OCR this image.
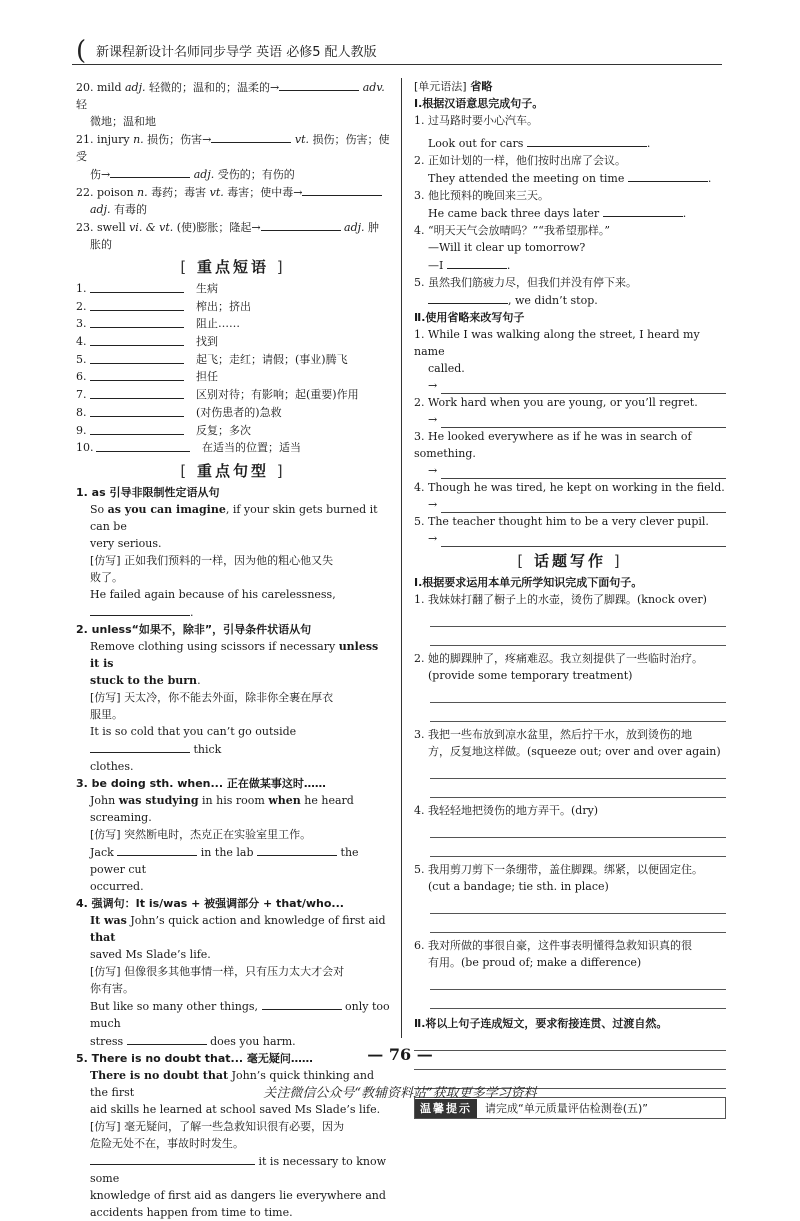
( 新课程新设计名师同步导学 英语 必修5 配人教版
20. mild adj. 轻微的；温和的；温柔的→	adv. 轻
微地；温和地
21. injury n. 损伤；伤害→	vt. 损伤；伤害；使受
伤→	adj. 受伤的；有伤的
22. poison n. 毒药；毒害 vt. 毒害；使中毒→
adj. 有毒的
23. swell vi. & vt. (使)膨胀；隆起→	adj. 肿
胀的
[ 重点短语 ]
1.	生病
2.	榨出；挤出
3.	阻止……
4.	找到
5.	起飞；走红；请假；(事业)腾飞
6.	担任
7.	区别对待；有影响；起(重要)作用
8.	(对伤患者的)急救
9.	反复；多次
10.	在适当的位置；适当
[ 重点句型 ]
1. as 引导非限制性定语从句
So as you can imagine, if your skin gets burned it can be
very serious.
[仿写] 正如我们预料的一样，因为他的粗心他又失
败了。
He failed again because of his carelessness,.
2. unless“如果不，除非”，引导条件状语从句
Remove clothing using scissors if necessary unless it is
stuck to the burn.
[仿写] 天太冷，你不能去外面，除非你全裹在厚衣
服里。
It is so cold that you can’t go outside  thick
clothes.
3. be doing sth. when... 正在做某事这时……
John was studying in his room when he heard screaming.
[仿写] 突然断电时，杰克正在实验室里工作。
Jack	in the lab	the power cut
occurred.
4. 强调句：It is/was + 被强调部分 + that/who...
It was John’s quick action and knowledge of first aid that
saved Ms Slade’s life.
[仿写] 但像很多其他事情一样，只有压力太大才会对
你有害。
But like so many other things,	only too much
stress	does you harm.
5. There is no doubt that... 毫无疑问……
There is no doubt that John’s quick thinking and the first
aid skills he learned at school saved Ms Slade’s life.
[仿写] 毫无疑问，了解一些急救知识很有必要，因为
危险无处不在，事故时时发生。
it is necessary to know some
knowledge of first aid as dangers lie everywhere and
accidents happen from time to time.
[单元语法] 省略
Ⅰ.根据汉语意思完成句子。
1. 过马路时要小心汽车。
Look out for cars	.
2. 正如计划的一样，他们按时出席了会议。
They attended the meeting on time	.
3. 他比预料的晚回来三天。
He came back three days later	.
4. “明天天气会放晴吗？”“我希望那样。”
—Will it clear up tomorrow?
—I	.
5. 虽然我们筋疲力尽，但我们并没有停下来。
, we didn’t stop.
Ⅱ.使用省略来改写句子
1. While I was walking along the street, I heard my name
called.
→
2. Work hard when you are young, or you’ll regret.
→
3. He looked everywhere as if he was in search of something.
→
4. Though he was tired, he kept on working in the field.
→
5. The teacher thought him to be a very clever pupil.
→
[ 话题写作 ]
Ⅰ.根据要求运用本单元所学知识完成下面句子。
1. 我妹妹打翻了橱子上的水壶，烫伤了脚踝。(knock over)
2. 她的脚踝肿了，疼痛难忍。我立刻提供了一些临时治疗。
(provide some temporary treatment)
3. 我把一些布放到凉水盆里，然后拧干水，放到烫伤的地
方，反复地这样做。(squeeze out; over and over again)
4. 我轻轻地把烫伤的地方弄干。(dry)
5. 我用剪刀剪下一条绷带，盖住脚踝。绑紧，以便固定住。
(cut a bandage; tie sth. in place)
6. 我对所做的事很自豪，这件事表明懂得急救知识真的很
有用。(be proud of; make a difference)
Ⅱ.将以上句子连成短文，要求衔接连贯、过渡自然。
温馨提示	请完成“单元质量评估检测卷(五)”
— 76 —
关注微信公众号“教辅资料站”获取更多学习资料
